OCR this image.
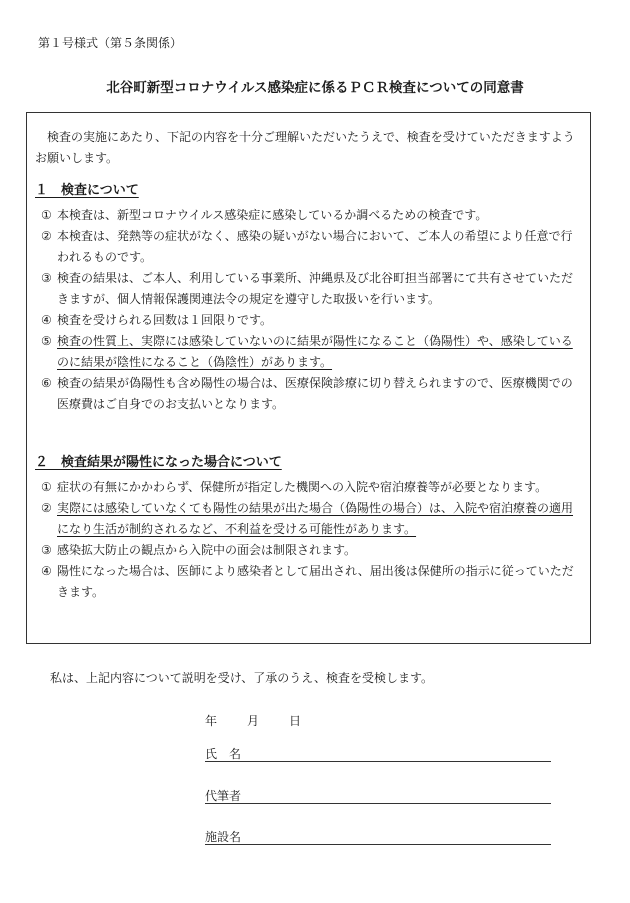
第１号様式（第５条関係）
北谷町新型コロナウイルス感染症に係るＰＣＲ検査についての同意書
検査の実施にあたり、下記の内容を十分ご理解いただいたうえで、検査を受けていただきますようお願いします。
１　検査について
① 本検査は、新型コロナウイルス感染症に感染しているか調べるための検査です。
② 本検査は、発熱等の症状がなく、感染の疑いがない場合において、ご本人の希望により任意で行われるものです。
③ 検査の結果は、ご本人、利用している事業所、沖縄県及び北谷町担当部署にて共有させていただきますが、個人情報保護関連法令の規定を遵守した取扱いを行います。
④ 検査を受けられる回数は１回限りです。
⑤ 検査の性質上、実際には感染していないのに結果が陽性になること（偽陽性）や、感染しているのに結果が陰性になること（偽陰性）があります。
⑥ 検査の結果が偽陽性も含め陽性の場合は、医療保険診療に切り替えられますので、医療機関での医療費はご自身でのお支払いとなります。
２　検査結果が陽性になった場合について
① 症状の有無にかかわらず、保健所が指定した機関への入院や宿泊療養等が必要となります。
② 実際には感染していなくても陽性の結果が出た場合（偽陽性の場合）は、入院や宿泊療養の適用になり生活が制約されるなど、不利益を受ける可能性があります。
③ 感染拡大防止の観点から入院中の面会は制限されます。
④ 陽性になった場合は、医師により感染者として届出され、届出後は保健所の指示に従っていただきます。
私は、上記内容について説明を受け、了承のうえ、検査を受検します。
年 月 日
氏　名
代筆者
施設名
